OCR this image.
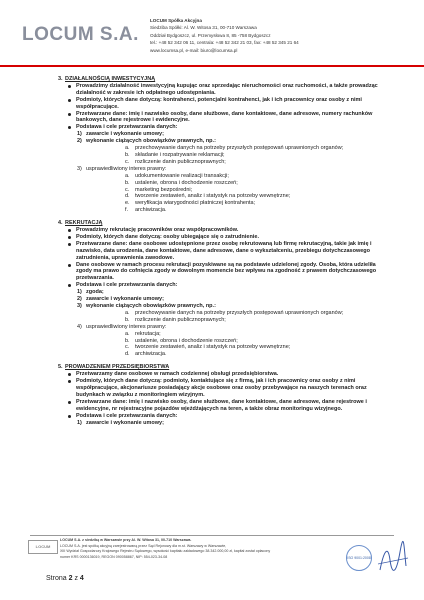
LOCUM S.A.
LOCUM Spółka Akcyjna
Siedziba Spółki: Al. W. Witosa 31, 00-710 Warszawa
Oddział Bydgoszcz, ul. Przemysłowa 8, 85 -758 Bydgoszcz
tel.: +48 52 342 06 11, centrala: +48 52 342 21 03, fax: +48 52 345 21 64
www.locumsa.pl, e-mail: biuro@locumsa.pl
3. DZIAŁALNOŚCIĄ INWESTYCYJNĄ
Prowadzimy działalność inwestycyjną kupując oraz sprzedając nieruchomości oraz ruchomości, a także prowadząc działalność w zakresie ich odpłatnego udostępniania.
Podmioty, których dane dotyczą: kontrahenci, potencjalni kontrahenci, jak i ich pracownicy oraz osoby z nimi współpracujące.
Przetwarzane dane: imię i nazwisko osoby, dane służbowe, dane kontaktowe, dane adresowe, numery rachunków bankowych, dane rejestrowe i ewidencyjne.
Podstawa i cele przetwarzania danych:
1) zawarcie i wykonanie umowy;
2) wykonanie ciążących obowiązków prawnych, np.:
a. przechowywanie danych na potrzeby przyszłych postępowań uprawnionych organów;
b. składanie i rozpatrywanie reklamacji;
c. rozliczenie danin publicznoprawnych;
3) usprawiedliwiony interes prawny:
a. udokumentowanie realizacji transakcji;
b. ustalenie, obrona i dochodzenie roszczeń;
c. marketing bezpośredni;
d. tworzenie zestawień, analiz i statystyk na potrzeby wewnętrzne;
e. weryfikacja wiarygodności płatniczej kontrahenta;
f. archiwizacja.
4. REKRUTACJĄ
Prowadzimy rekrutację pracowników oraz współpracowników.
Podmioty, których dane dotyczą: osoby ubiegające się o zatrudnienie.
Przetwarzane dane: dane osobowe udostępnione przez osobę rekrutowaną lub firmę rekrutacyjną, takie jak imię i nazwisko, data urodzenia, dane kontaktowe, dane adresowe, dane o wykształceniu, przebiegu dotychczasowego zatrudnienia, uprawnienia zawodowe.
Dane osobowe w ramach procesu rekrutacji pozyskiwane są na podstawie udzielonej zgody. Osoba, która udzieliła zgody ma prawo do cofnięcia zgody w dowolnym momencie bez wpływu na zgodność z prawem dotychczasowego przetwarzania.
Podstawa i cele przetwarzania danych:
1) zgoda;
2) zawarcie i wykonanie umowy;
3) wykonanie ciążących obowiązków prawnych, np.:
a. przechowywanie danych na potrzeby przyszłych postępowań uprawnionych organów;
b. rozliczenie danin publicznoprawnych;
4) usprawiedliwiony interes prawny:
a. rekrutacja;
b. ustalenie, obrona i dochodzenie roszczeń;
c. tworzenie zestawień, analiz i statystyk na potrzeby wewnętrzne;
d. archiwizacja.
5. PROWADZENIEM PRZEDSIĘBIORSTWA
Przetwarzamy dane osobowe w ramach codziennej obsługi przedsiębiorstwa.
Podmioty, których dane dotyczą: podmioty, kontaktujące się z firmą, jak i ich pracownicy oraz osoby z nimi współpracujące, akcjonariusze posiadający akcje osobowe oraz osoby przebywające na naszych terenach oraz budynkach w związku z monitoringiem wizyjnym.
Przetwarzane dane: imię i nazwisko osoby, dane służbowe, dane kontaktowe, dane adresowe, dane rejestrowe i ewidencyjne, nr rejestracyjne pojazdów wjeżdżających na teren, a także obraz monitoringu wizyjnego.
Podstawa i cele przetwarzania danych:
1) zawarcie i wykonanie umowy;
LOCUM
LOCUM S.A. z siedzibą w Warszawie przy Al. W. Witosa 31, 00-710 Warszawa.
LOCUM S.A. jest spółką akcyjną zarejestrowaną przez Sąd Rejonowy dla m.st. Warszawy w Warszawie,
XIII Wydział Gospodarczy Krajowego Rejestru Sądowego, wysokość kapitału zakładowego 38.342.000,00 zł, kapitał został opłacony
numer KRS 0000136019, REGON 090058867, NIP: 554-023-34-08	ISO 9001:2008
Strona 2 z 4
